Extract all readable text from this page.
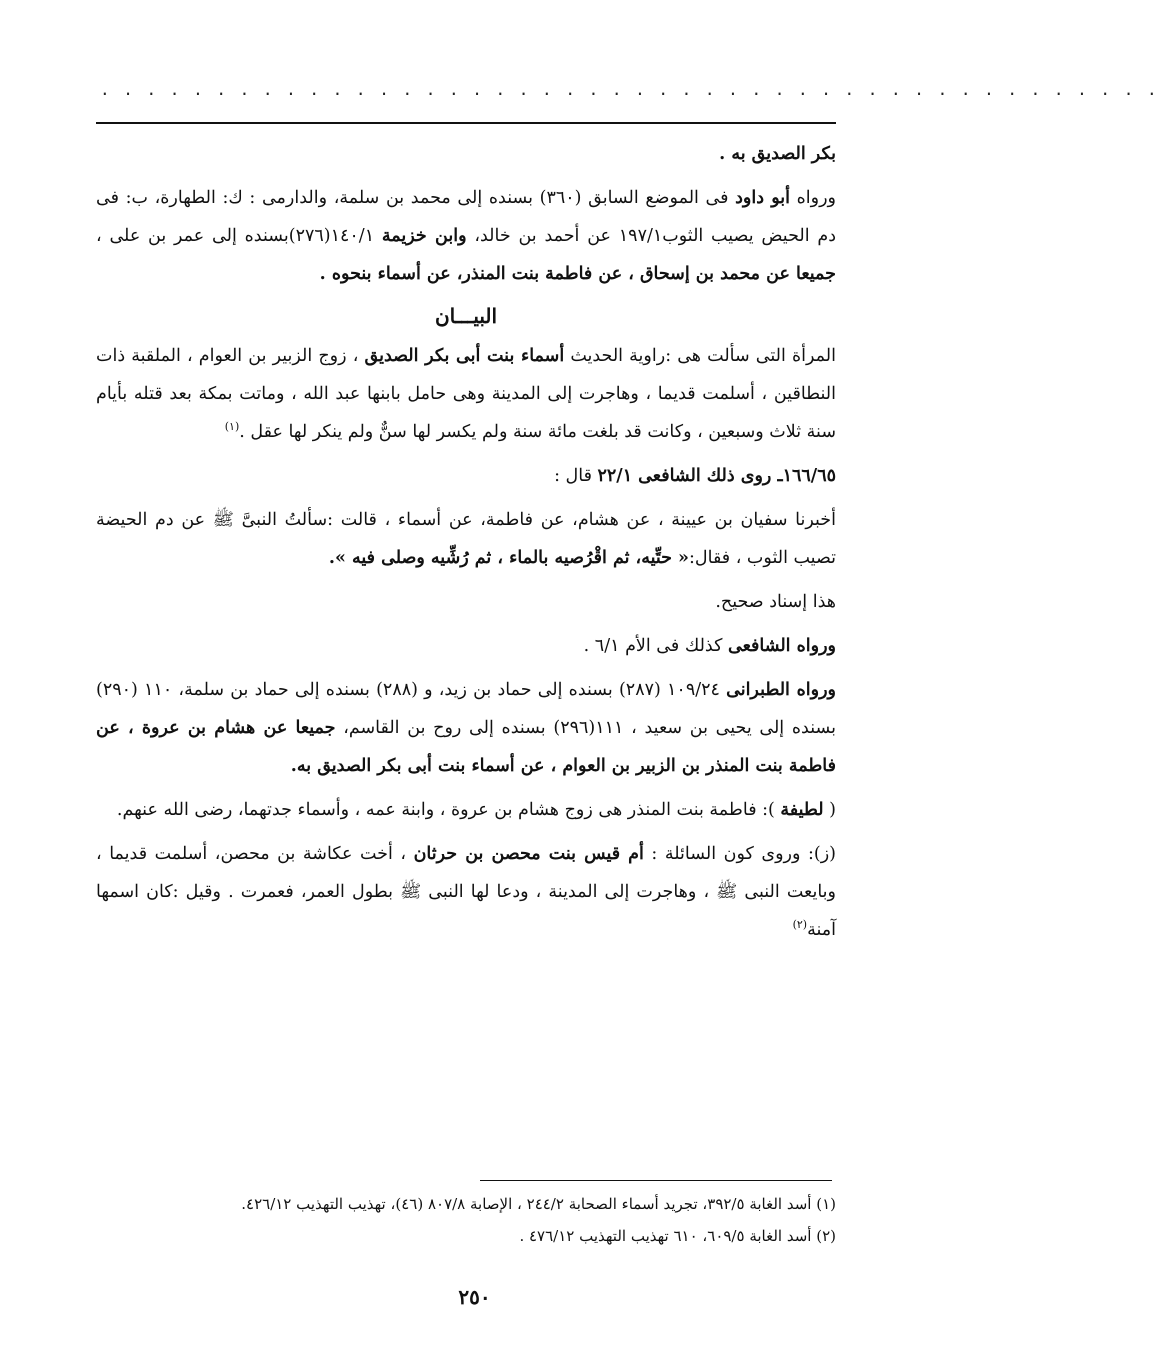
. . . . . . . . . . . . . . . . . . . . . . . . . . . . . . . . . . . . . . . . . . . . . .

بكر الصديق به .

ورواه أبو داود فى الموضع السابق (٣٦٠) بسنده إلى محمد بن سلمة، والدارمى : ك: الطهارة، ب: فى دم الحيض يصيب الثوب١٩٧/١ عن أحمد بن خالد، وابن خزيمة ١٤٠/١(٢٧٦)بسنده إلى عمر بن على ، جميعا عن محمد بن إسحاق ، عن فاطمة بنت المنذر، عن أسماء بنحوه .

البيـــان

المرأة التى سألت هى :راوية الحديث أسماء بنت أبى بكر الصديق ، زوج الزبير بن العوام ، الملقبة ذات النطاقين ، أسلمت قديما ، وهاجرت إلى المدينة وهى حامل بابنها عبد الله ، وماتت بمكة بعد قتله بأيام سنة ثلاث وسبعين ، وكانت قد بلغت مائة سنة ولم يكسر لها سنٌّ ولم ينكر لها عقل .$^{(١)}$

١٦٦/٦٥ـ روى ذلك الشافعى ٢٢/١ قال :

أخبرنا سفيان بن عيينة ، عن هشام، عن فاطمة، عن أسماء ، قالت :سألتُ النبىَّ ﷺ عن دم الحيضة تصيب الثوب ، فقال:« حتِّيه، ثم اقْرُصيه بالماء ، ثم رُشِّيه وصلى فيه ».

هذا إسناد صحيح.

ورواه الشافعى كذلك فى الأم ٦/١ .

ورواه الطبرانى ١٠٩/٢٤ (٢٨٧) بسنده إلى حماد بن زيد، و (٢٨٨) بسنده إلى حماد بن سلمة، ١١٠ (٢٩٠) بسنده إلى يحيى بن سعيد ، ١١١(٢٩٦) بسنده إلى روح بن القاسم، جميعا عن هشام بن عروة ، عن فاطمة بنت المنذر بن الزبير بن العوام ، عن أسماء بنت أبى بكر الصديق به.

( لطيفة ): فاطمة بنت المنذر هى زوج هشام بن عروة ، وابنة عمه ، وأسماء جدتهما، رضى الله عنهم.

(ز): وروى كون السائلة : أم قيس بنت محصن بن حرثان ، أخت عكاشة بن محصن، أسلمت قديما ، وبايعت النبى ﷺ ، وهاجرت إلى المدينة ، ودعا لها النبى ﷺ بطول العمر، فعمرت . وقيل :كان اسمها آمنة$^{(٢)}$

(١) أسد الغابة ٣٩٢/٥، تجريد أسماء الصحابة ٢٤٤/٢ ، الإصابة ٨٠٧/٨ (٤٦)، تهذيب التهذيب ٤٢٦/١٢.

(٢) أسد الغابة ٦٠٩/٥، ٦١٠ تهذيب التهذيب ٤٧٦/١٢ .

٢٥٠
